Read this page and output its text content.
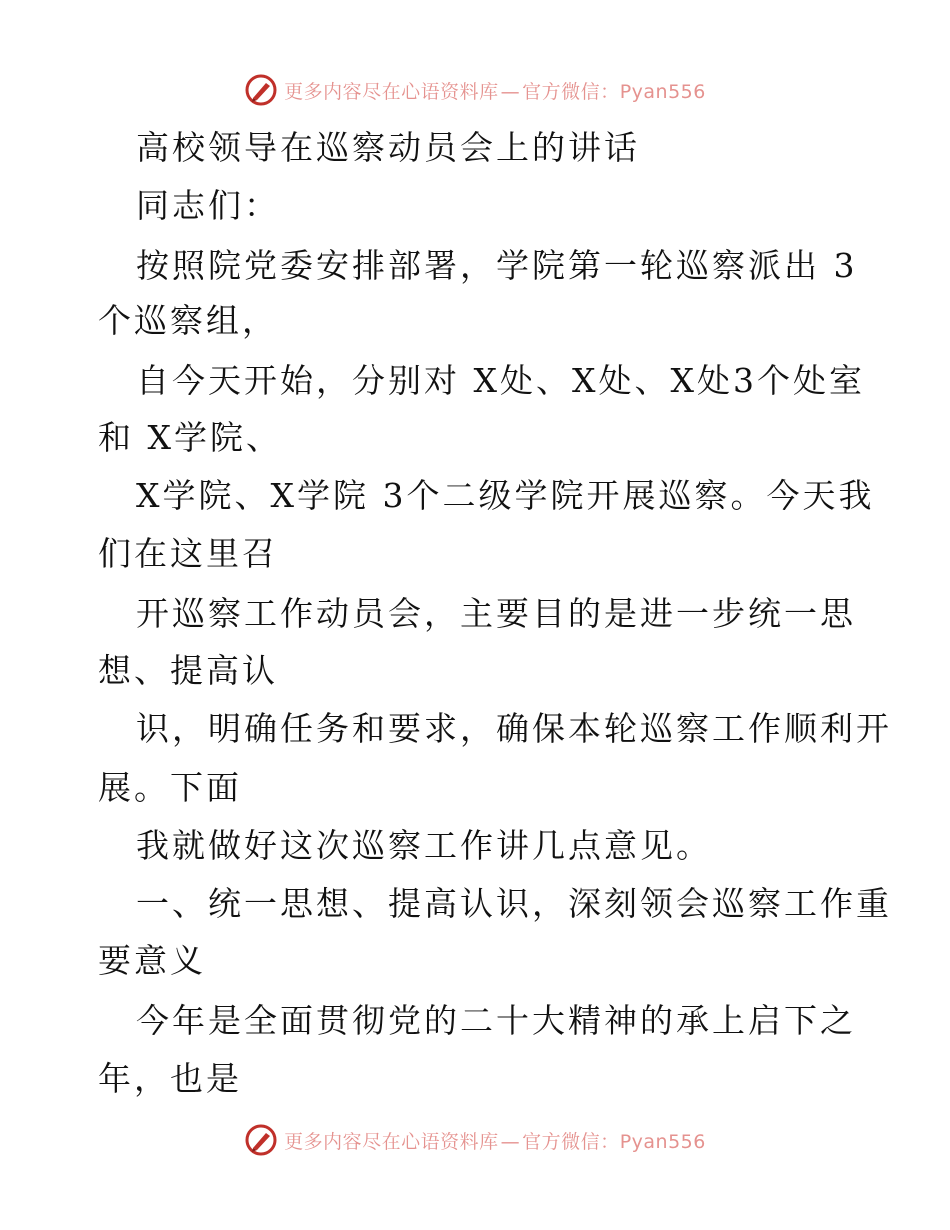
更多内容尽在心语资料库 — 官方微信：Pyan556
高校领导在巡察动员会上的讲话
同志们：
按照院党委安排部署，学院第一轮巡察派出 3
个巡察组，
自今天开始，分别对 X处、X处、X处3个处室
和 X学院、
X学院、X学院 3个二级学院开展巡察。今天我
们在这里召
开巡察工作动员会，主要目的是进一步统一思
想、提高认
识，明确任务和要求，确保本轮巡察工作顺利开
展。下面
我就做好这次巡察工作讲几点意见。
一、统一思想、提高认识，深刻领会巡察工作重
要意义
今年是全面贯彻党的二十大精神的承上启下之
年，也是
更多内容尽在心语资料库 — 官方微信：Pyan556
